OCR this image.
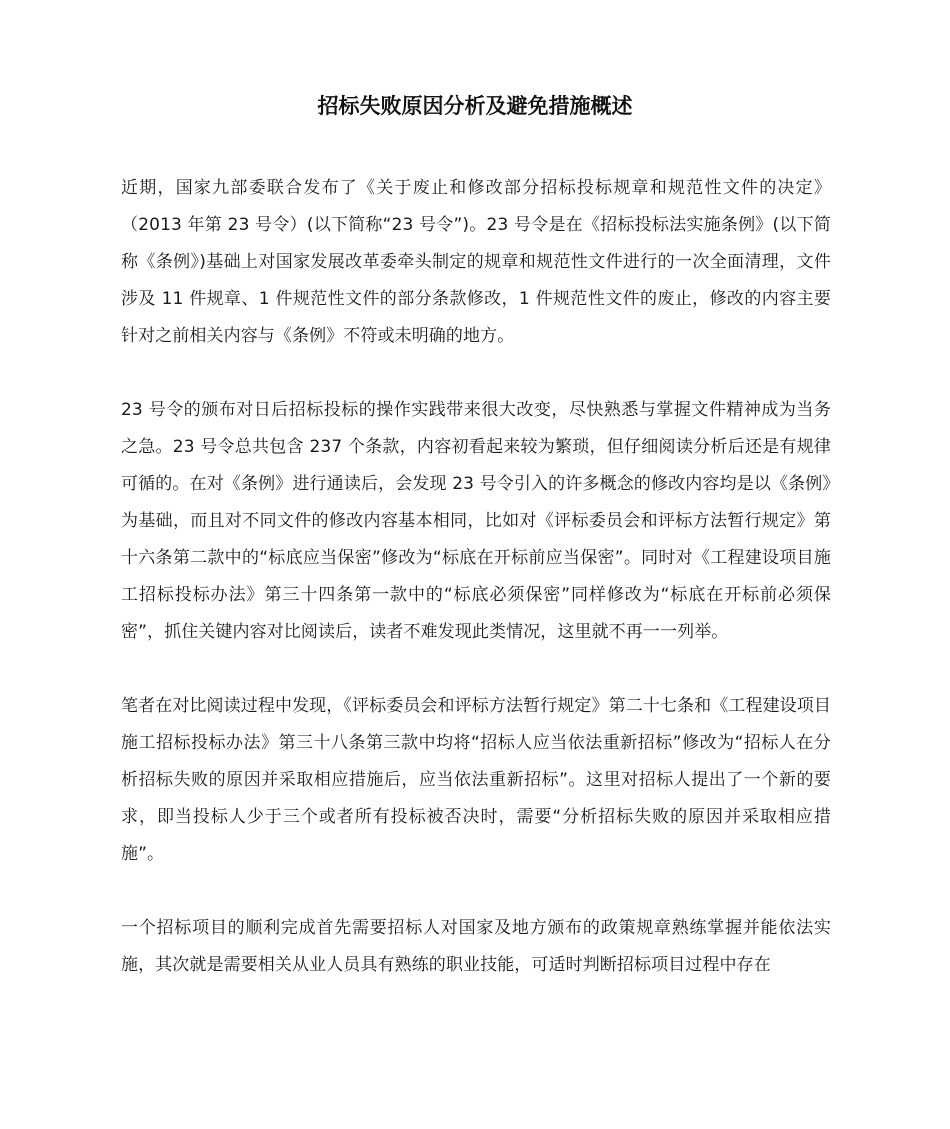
招标失败原因分析及避免措施概述

近期，国家九部委联合发布了《关于废止和修改部分招标投标规章和规范性文件的决定》（2013 年第 23 号令）(以下简称“23 号令”)。23 号令是在《招标投标法实施条例》(以下简称《条例》)基础上对国家发展改革委牵头制定的规章和规范性文件进行的一次全面清理，文件涉及 11 件规章、1 件规范性文件的部分条款修改，1 件规范性文件的废止，修改的内容主要针对之前相关内容与《条例》不符或未明确的地方。

23 号令的颁布对日后招标投标的操作实践带来很大改变，尽快熟悉与掌握文件精神成为当务之急。23 号令总共包含 237 个条款，内容初看起来较为繁琐，但仔细阅读分析后还是有规律可循的。在对《条例》进行通读后，会发现 23 号令引入的许多概念的修改内容均是以《条例》为基础，而且对不同文件的修改内容基本相同，比如对《评标委员会和评标方法暂行规定》第十六条第二款中的“标底应当保密”修改为“标底在开标前应当保密”。同时对《工程建设项目施工招标投标办法》第三十四条第一款中的“标底必须保密”同样修改为“标底在开标前必须保密”，抓住关键内容对比阅读后，读者不难发现此类情况，这里就不再一一列举。

笔者在对比阅读过程中发现，《评标委员会和评标方法暂行规定》第二十七条和《工程建设项目施工招标投标办法》第三十八条第三款中均将“招标人应当依法重新招标”修改为“招标人在分析招标失败的原因并采取相应措施后，应当依法重新招标”。这里对招标人提出了一个新的要求，即当投标人少于三个或者所有投标被否决时，需要“分析招标失败的原因并采取相应措施”。

一个招标项目的顺利完成首先需要招标人对国家及地方颁布的政策规章熟练掌握并能依法实施，其次就是需要相关从业人员具有熟练的职业技能，可适时判断招标项目过程中存在
